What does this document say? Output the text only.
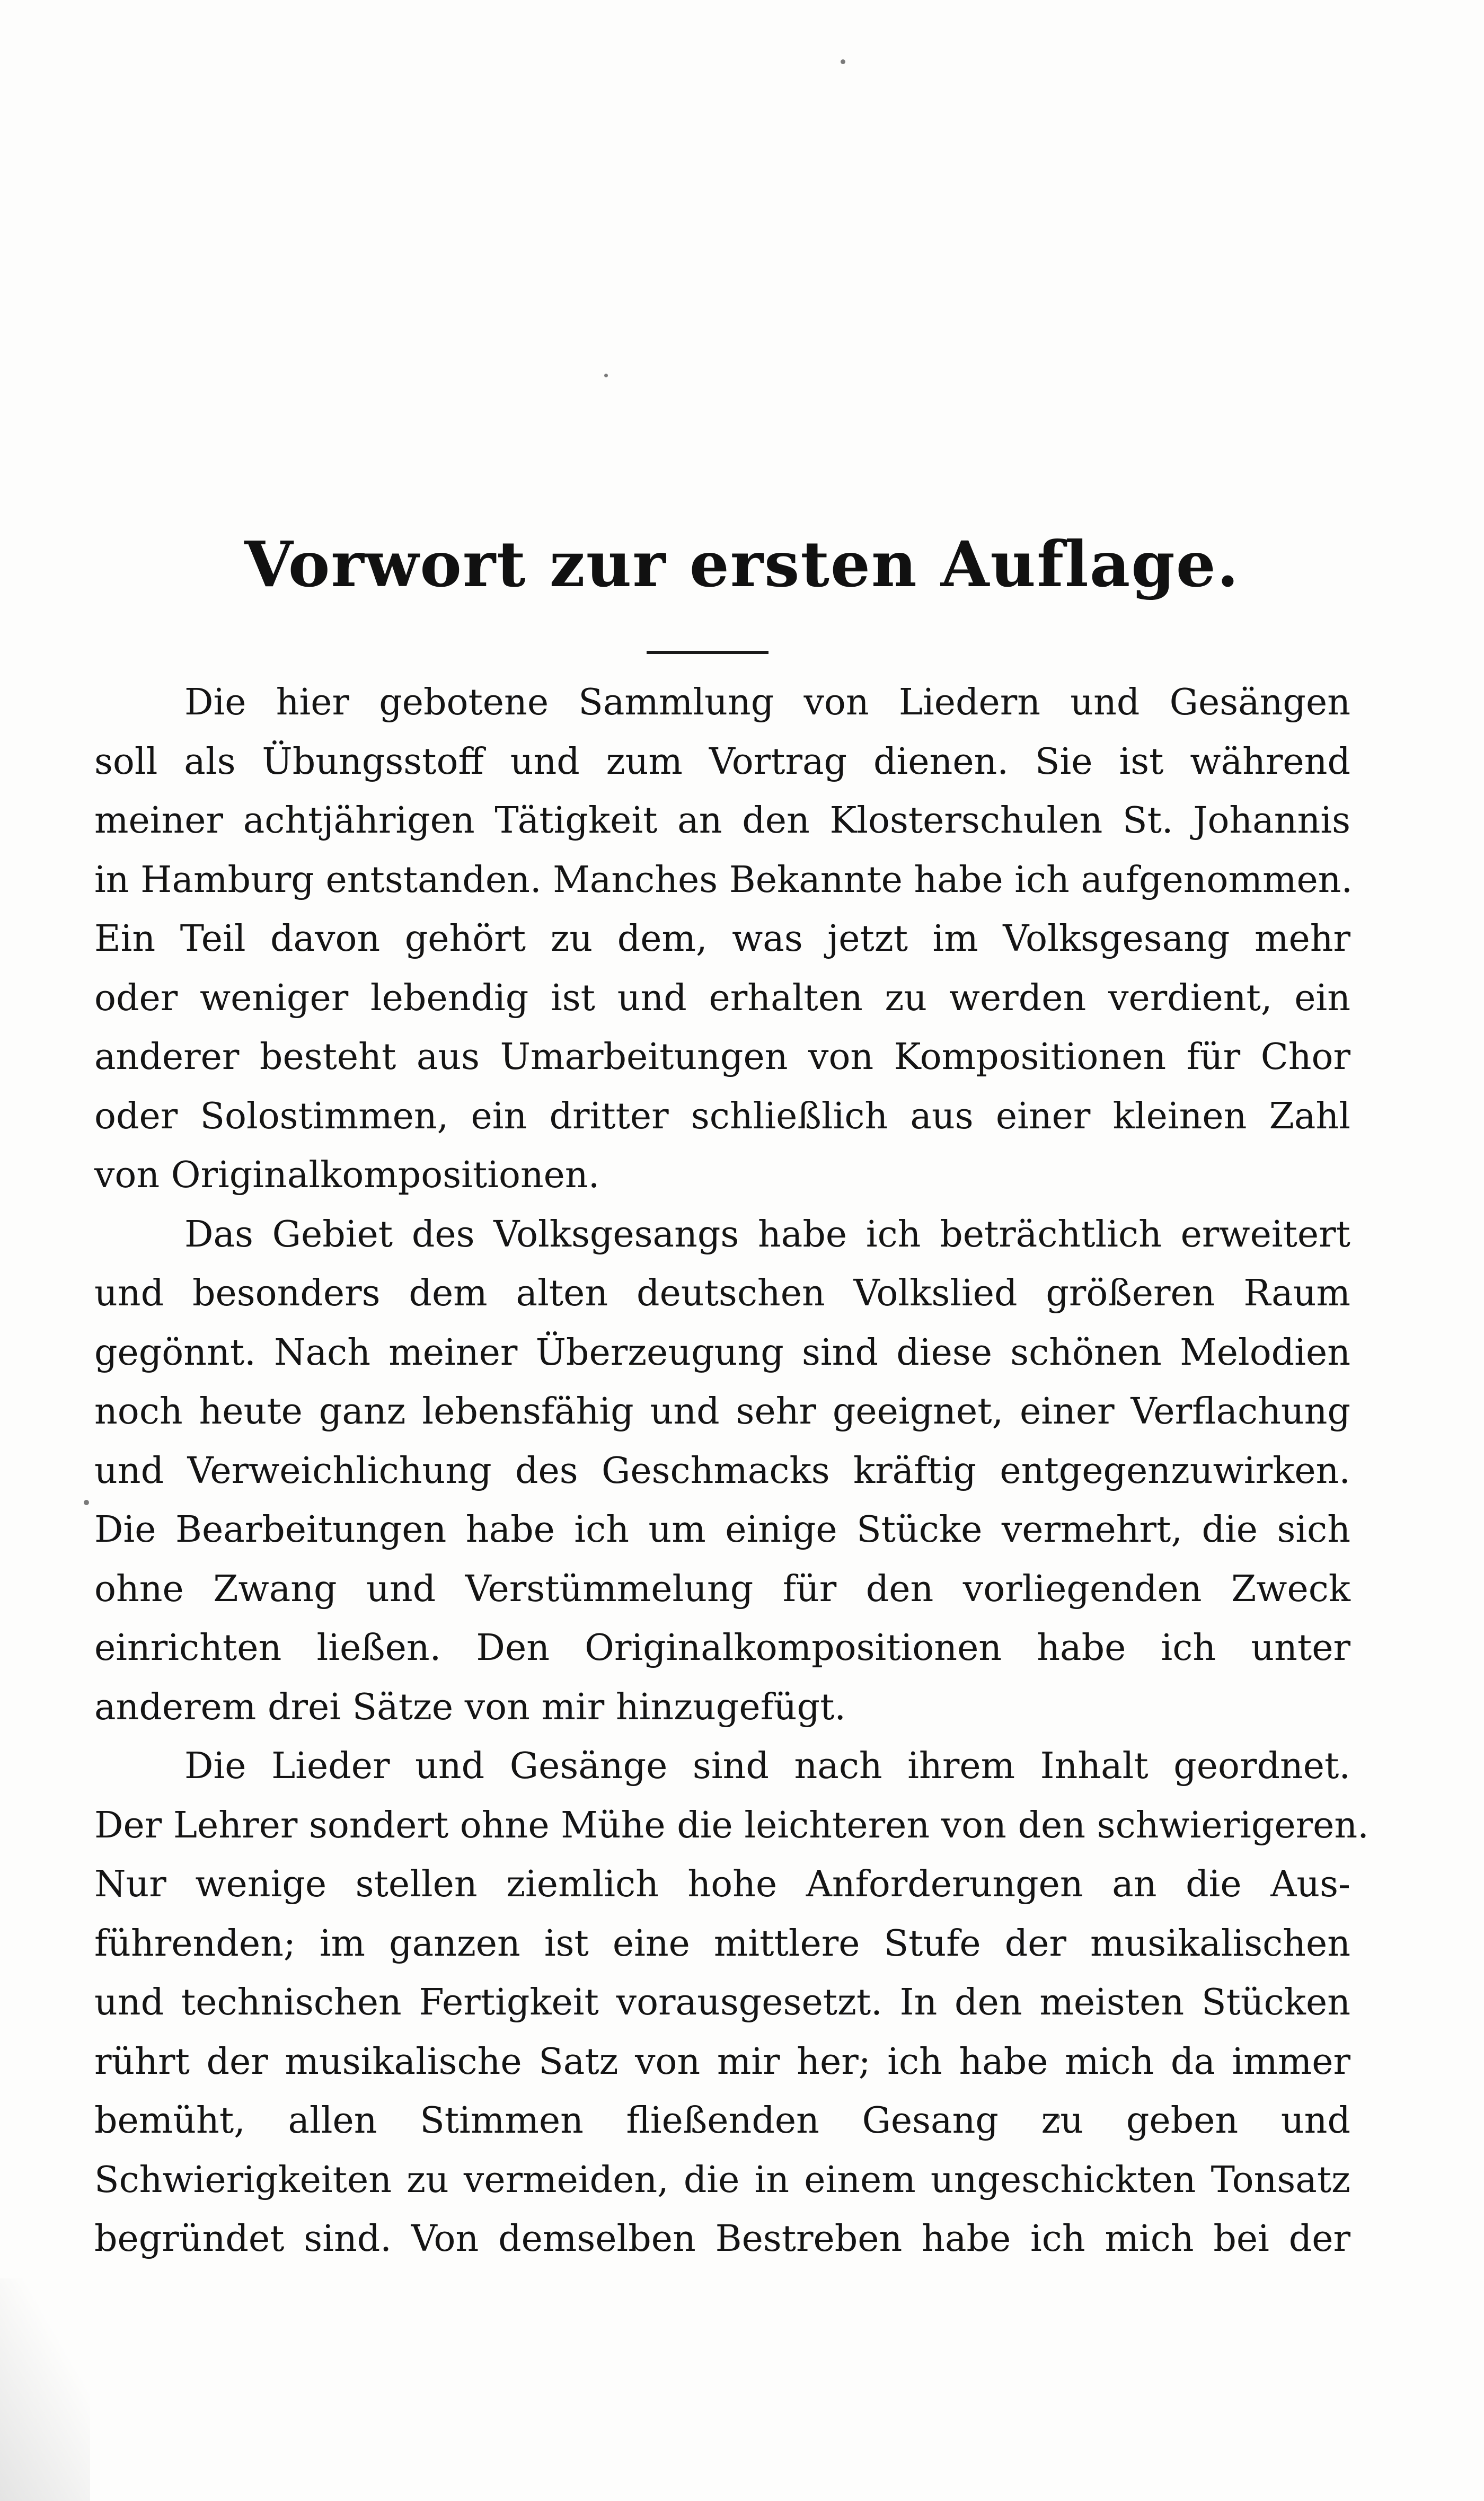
Vorwort zur ersten Auflage.
Die hier gebotene Sammlung von Liedern und Gesängen
soll als Übungsstoff und zum Vortrag dienen. Sie ist während
meiner achtjährigen Tätigkeit an den Klosterschulen St. Johannis
in Hamburg entstanden. Manches Bekannte habe ich aufgenommen.
Ein Teil davon gehört zu dem, was jetzt im Volksgesang mehr
oder weniger lebendig ist und erhalten zu werden verdient, ein
anderer besteht aus Umarbeitungen von Kompositionen für Chor
oder Solostimmen, ein dritter schließlich aus einer kleinen Zahl
von Originalkompositionen.
Das Gebiet des Volksgesangs habe ich beträchtlich erweitert
und besonders dem alten deutschen Volkslied größeren Raum
gegönnt. Nach meiner Überzeugung sind diese schönen Melodien
noch heute ganz lebensfähig und sehr geeignet, einer Verflachung
und Verweichlichung des Geschmacks kräftig entgegenzuwirken.
Die Bearbeitungen habe ich um einige Stücke vermehrt, die sich
ohne Zwang und Verstümmelung für den vorliegenden Zweck
einrichten ließen. Den Originalkompositionen habe ich unter
anderem drei Sätze von mir hinzugefügt.
Die Lieder und Gesänge sind nach ihrem Inhalt geordnet.
Der Lehrer sondert ohne Mühe die leichteren von den schwierigeren.
Nur wenige stellen ziemlich hohe Anforderungen an die Aus-
führenden; im ganzen ist eine mittlere Stufe der musikalischen
und technischen Fertigkeit vorausgesetzt. In den meisten Stücken
rührt der musikalische Satz von mir her; ich habe mich da immer
bemüht, allen Stimmen fließenden Gesang zu geben und
Schwierigkeiten zu vermeiden, die in einem ungeschickten Tonsatz
begründet sind. Von demselben Bestreben habe ich mich bei der
